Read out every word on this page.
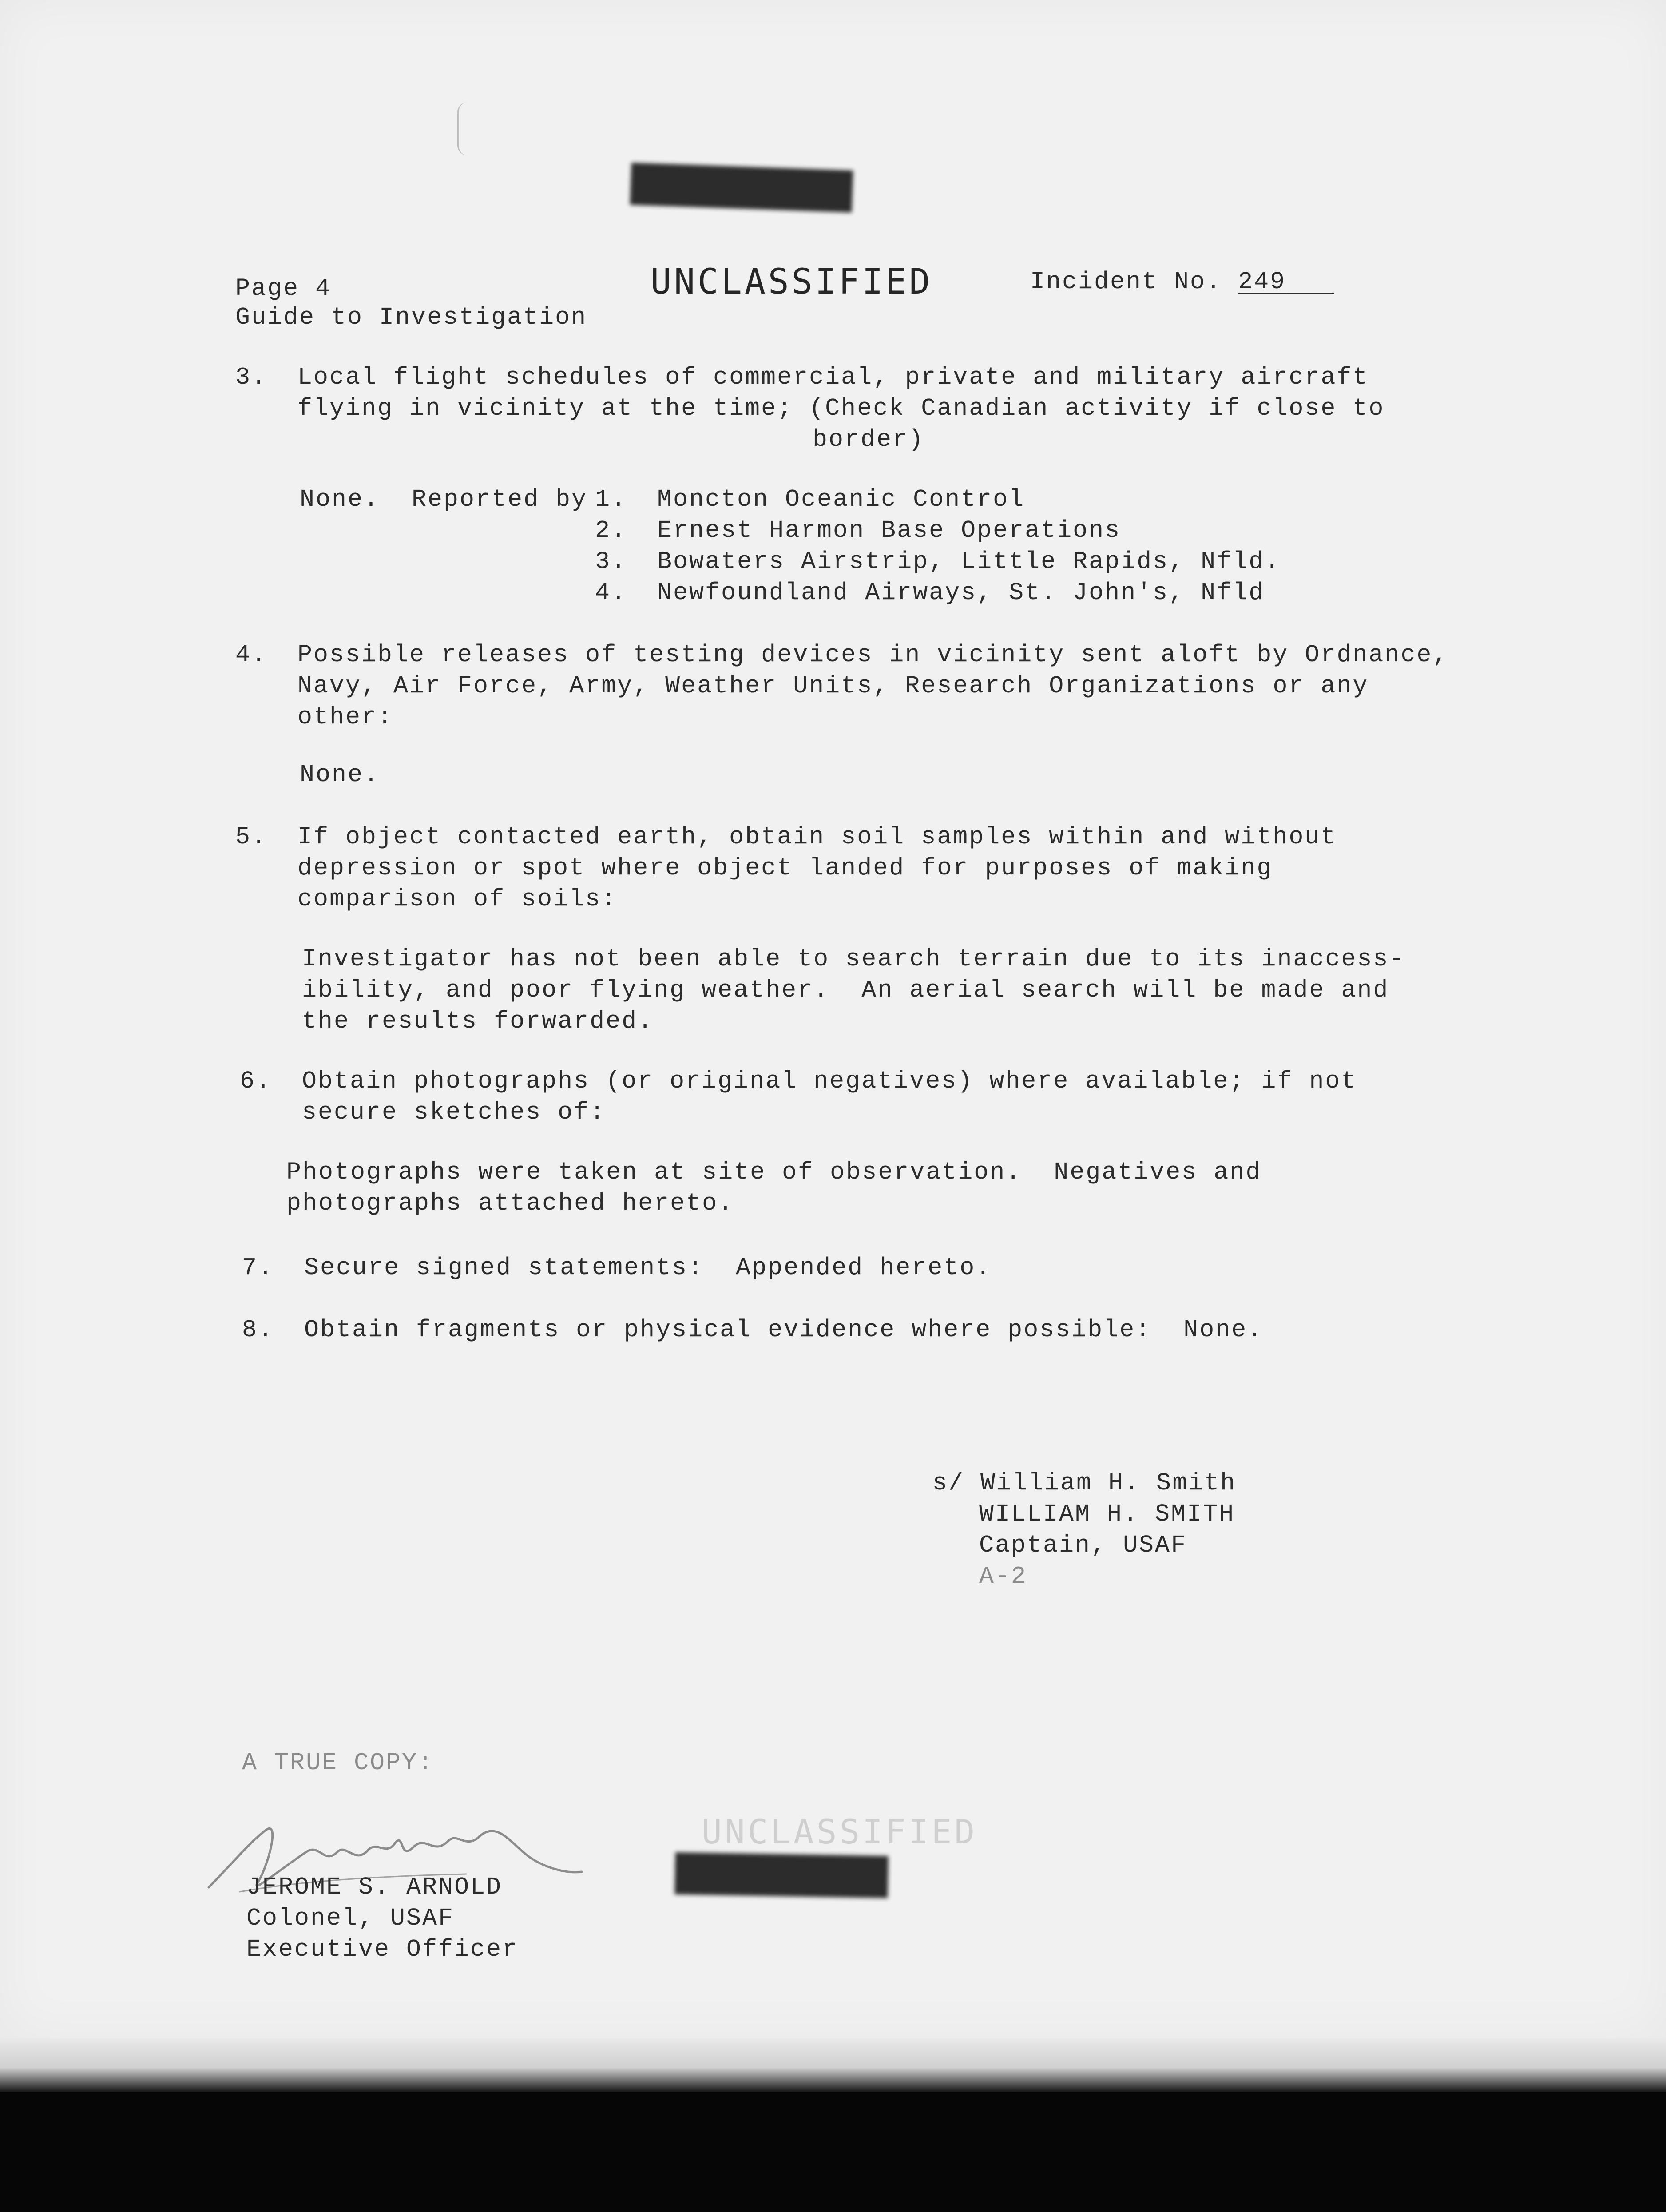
Page 4
Guide to Investigation
UNCLASSIFIED	Incident No. 249
3. Local flight schedules of commercial, private and military aircraft
flying in vicinity at the time; (Check Canadian activity if close to
border)
None.  Reported by 1. Moncton Oceanic Control
2. Ernest Harmon Base Operations
3. Bowaters Airstrip, Little Rapids, Nfld.
4. Newfoundland Airways, St. John's, Nfld
4. Possible releases of testing devices in vicinity sent aloft by Ordnance,
Navy, Air Force, Army, Weather Units, Research Organizations or any
other:
None.
5. If object contacted earth, obtain soil samples within and without
depression or spot where object landed for purposes of making
comparison of soils:
Investigator has not been able to search terrain due to its inaccess-
ibility, and poor flying weather.  An aerial search will be made and
the results forwarded.
6. Obtain photographs (or original negatives) where available; if not
secure sketches of:
Photographs were taken at site of observation.  Negatives and
photographs attached hereto.
7. Secure signed statements:  Appended hereto.
8. Obtain fragments or physical evidence where possible:  None.
s/ William H. Smith
WILLIAM H. SMITH
Captain, USAF
A-2
A TRUE COPY:
JEROME S. ARNOLD
Colonel, USAF
Executive Officer
UNCLASSIFIED
